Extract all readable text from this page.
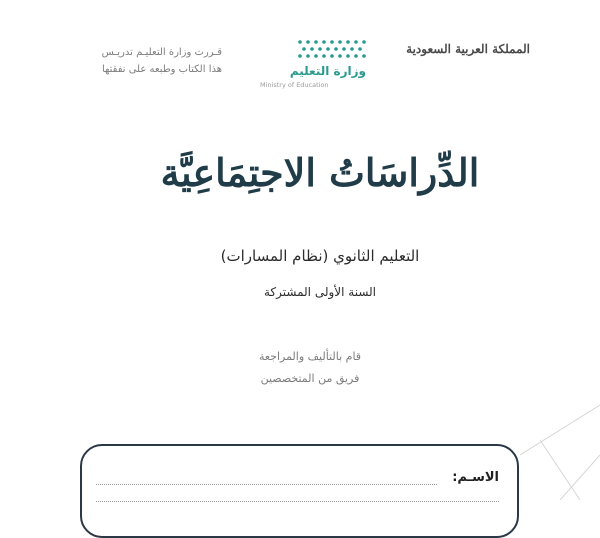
قـررت وزارة التعليـم تدريـس
هذا الكتاب وطبعه على نفقتها	وزارة التعليم
Ministry of Education
المملكة العربية السعودية
الدِّراسَاتُ الاجتِمَاعِيَّة
التعليم الثانوي (نظام المسارات)
السنة الأولى المشتركة
قام بالتأليف والمراجعة
فريق من المتخصصين
الاسـم:
